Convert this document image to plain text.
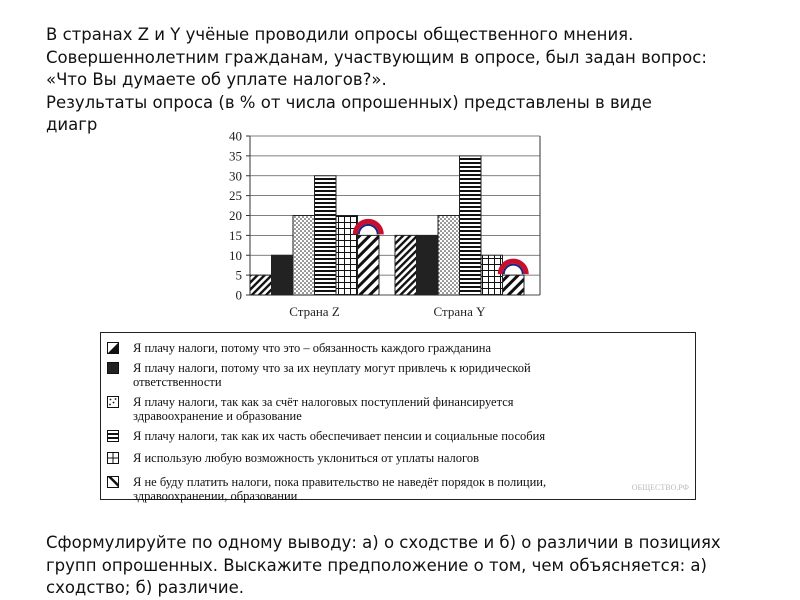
В странах Z и Y учёные проводили опросы общественного мнения.
Совершеннолетним гражданам, участвующим в опросе, был задан вопрос:
«Что Вы думаете об уплате налогов?».
Результаты опроса (в % от числа опрошенных) представлены в виде
диагр
0
5
10
15
20
25
30
35
40
Страна Z	Страна Y
ОБЩЕСТВО.РФ
Я плачу налоги, потому что это – обязанность каждого гражданина
Я плачу налоги, потому что за их неуплату могут привлечь к юридической
ответственности
Я плачу налоги, так как за счёт налоговых поступлений финансируется
здравоохранение и образование
Я плачу налоги, так как их часть обеспечивает пенсии и социальные пособия
Я использую любую возможность уклониться от уплаты налогов
Я не буду платить налоги, пока правительство не наведёт порядок в полиции,
здравоохранении, образовании
Сформулируйте по одному выводу: а) о сходстве и б) о различии в позициях
групп опрошенных. Выскажите предположение о том, чем объясняется: а)
сходство; б) различие.
